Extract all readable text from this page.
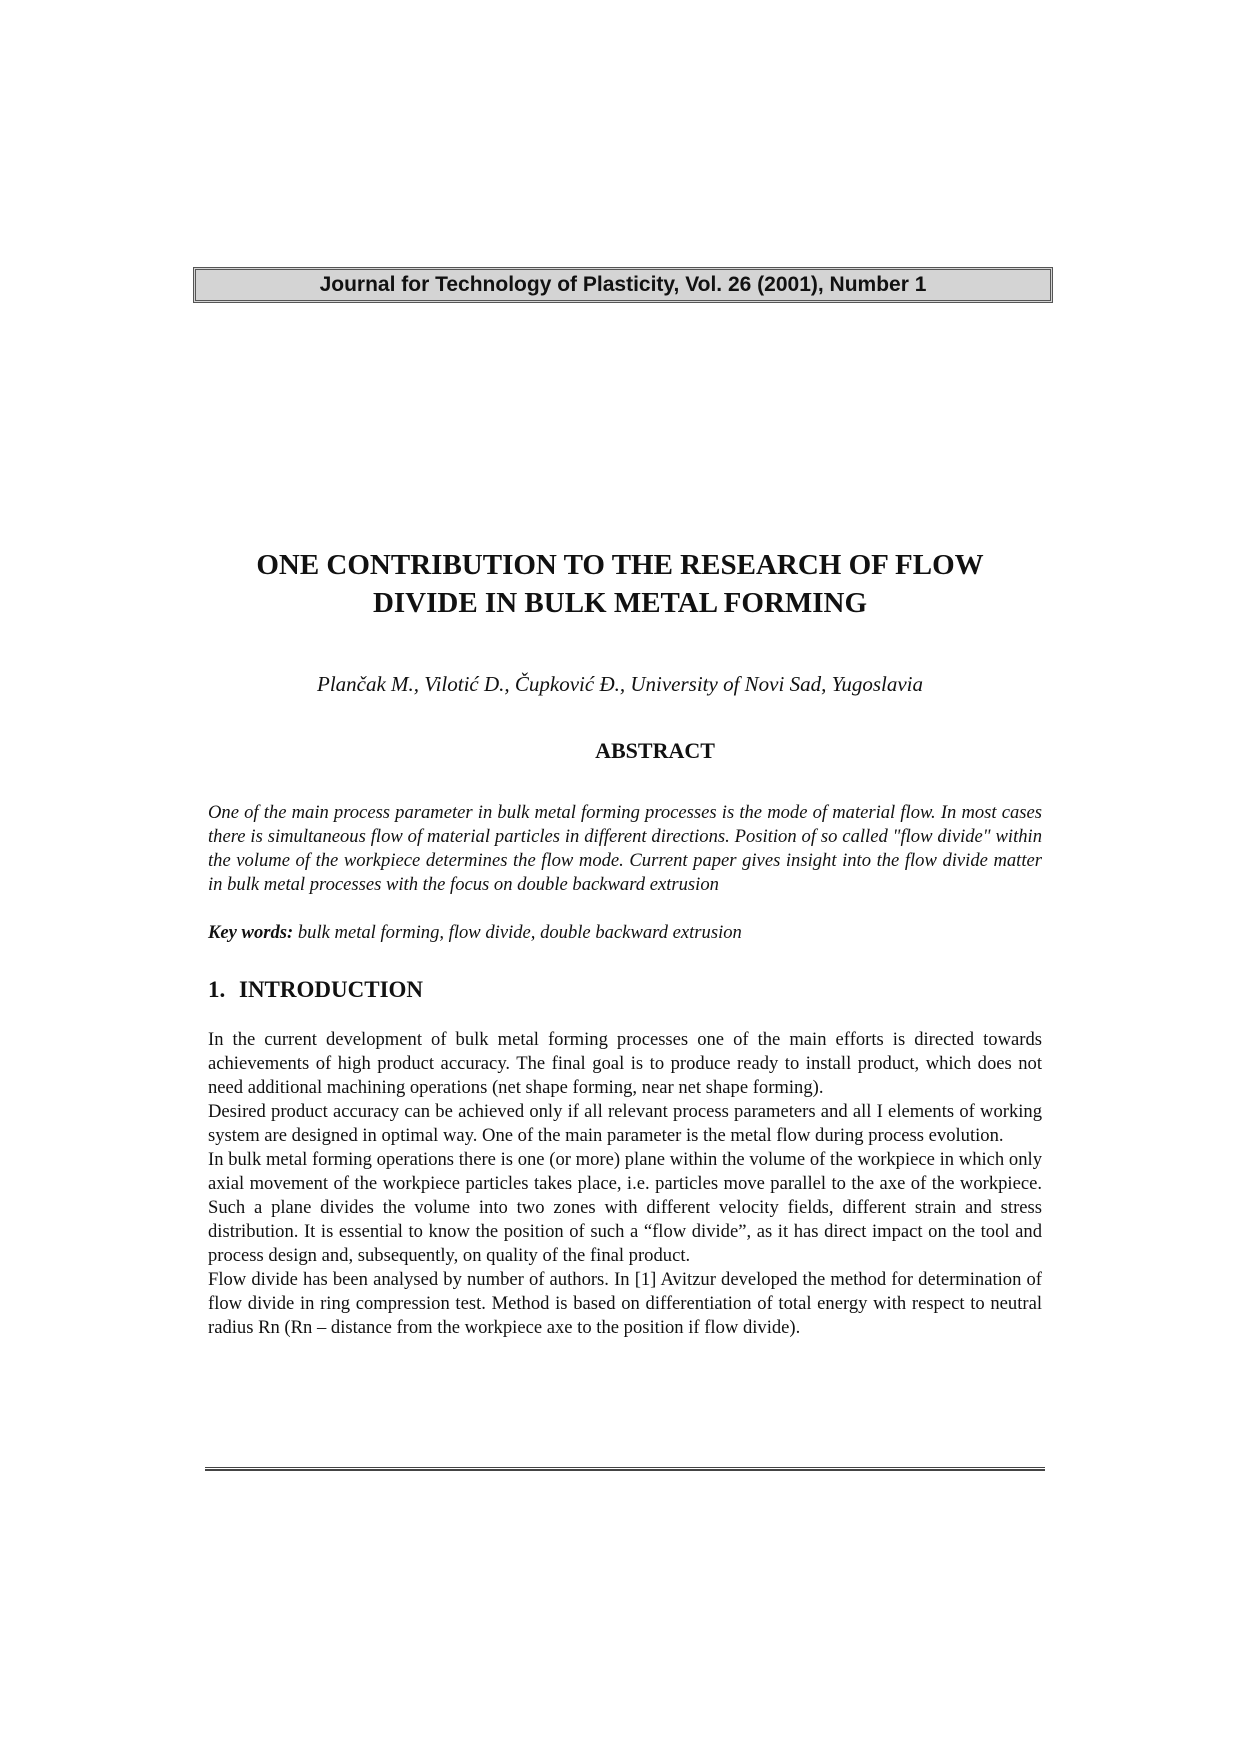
Journal for Technology of Plasticity, Vol. 26 (2001), Number 1
ONE CONTRIBUTION TO THE RESEARCH OF FLOW
DIVIDE IN BULK METAL FORMING
Plančak M., Vilotić D., Čupković Đ., University of Novi Sad, Yugoslavia
ABSTRACT
One of the main process parameter in bulk metal forming processes is the mode of material flow. In most cases there is simultaneous flow of material particles in different directions. Position of so called "flow divide" within the volume of the workpiece determines the flow mode. Current paper gives insight into the flow divide matter in bulk metal processes with the focus on double backward extrusion
Key words: bulk metal forming, flow divide, double backward extrusion
1. INTRODUCTION

In the current development of bulk metal forming processes one of the main efforts is directed towards achievements of high product accuracy. The final goal is to produce ready to install product, which does not need additional machining operations (net shape forming, near net shape forming).

Desired product accuracy can be achieved only if all relevant process parameters and all I elements of working system are designed in optimal way. One of the main parameter is the metal flow during process evolution.

In bulk metal forming operations there is one (or more) plane within the volume of the workpiece in which only axial movement of the workpiece particles takes place, i.e. particles move parallel to the axe of the workpiece. Such a plane divides the volume into two zones with different velocity fields, different strain and stress distribution. It is essential to know the position of such a “flow divide”, as it has direct impact on the tool and process design and, subsequently, on quality of the final product.

Flow divide has been analysed by number of authors. In [1] Avitzur developed the method for determination of flow divide in ring compression test. Method is based on differentiation of total energy with respect to neutral radius Rn (Rn – distance from the workpiece axe to the position if flow divide).
